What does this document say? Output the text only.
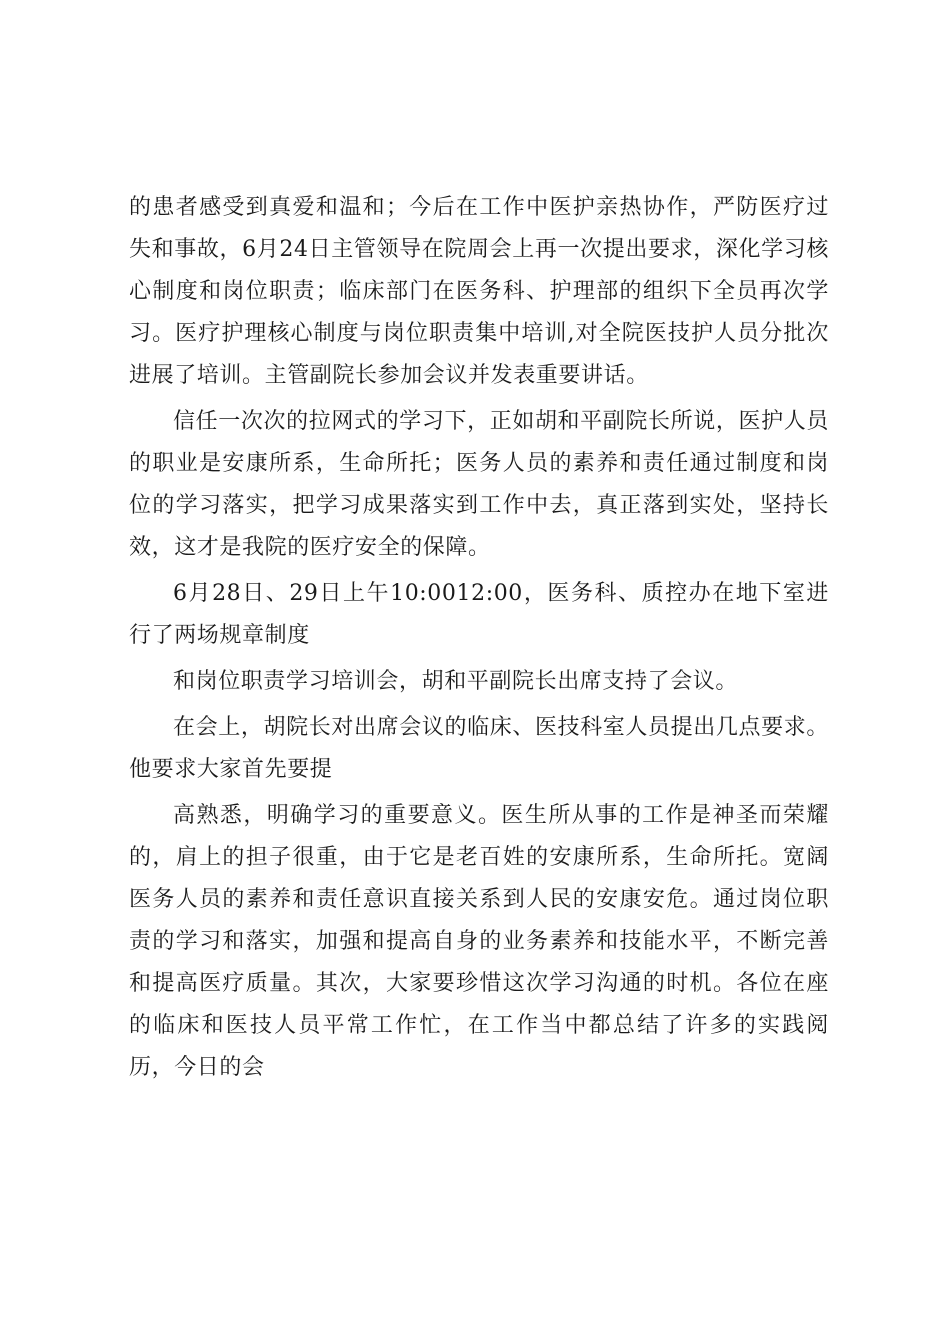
的患者感受到真爱和温和；今后在工作中医护亲热协作，严防医疗过失和事故，6月24日主管领导在院周会上再一次提出要求，深化学习核心制度和岗位职责；临床部门在医务科、护理部的组织下全员再次学习。医疗护理核心制度与岗位职责集中培训,对全院医技护人员分批次进展了培训。主管副院长参加会议并发表重要讲话。

信任一次次的拉网式的学习下，正如胡和平副院长所说，医护人员的职业是安康所系，生命所托；医务人员的素养和责任通过制度和岗位的学习落实，把学习成果落实到工作中去，真正落到实处，坚持长效，这才是我院的医疗安全的保障。

6月28日、29日上午10:0012:00，医务科、质控办在地下室进行了两场规章制度

和岗位职责学习培训会，胡和平副院长出席支持了会议。

在会上，胡院长对出席会议的临床、医技科室人员提出几点要求。他要求大家首先要提

高熟悉，明确学习的重要意义。医生所从事的工作是神圣而荣耀的，肩上的担子很重，由于它是老百姓的安康所系，生命所托。宽阔医务人员的素养和责任意识直接关系到人民的安康安危。通过岗位职责的学习和落实，加强和提高自身的业务素养和技能水平，不断完善和提高医疗质量。其次，大家要珍惜这次学习沟通的时机。各位在座的临床和医技人员平常工作忙，在工作当中都总结了许多的实践阅历，今日的会
